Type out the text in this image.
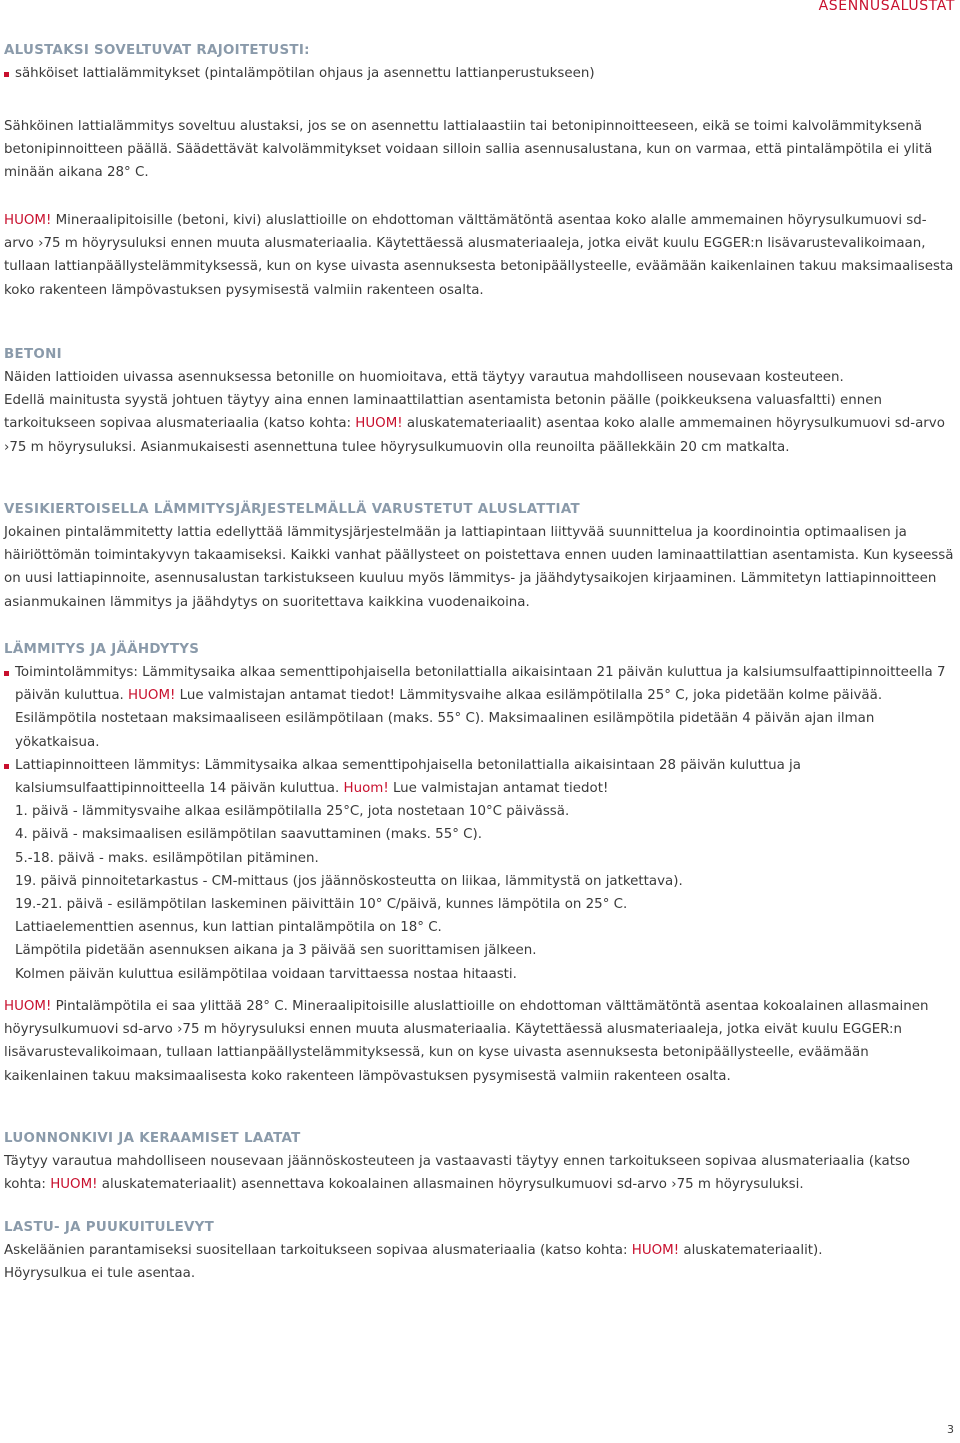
ASENNUSALUSTAT
ALUSTAKSI SOVELTUVAT RAJOITETUSTI:
sähköiset lattialämmitykset (pintalämpötilan ohjaus ja asennettu lattianperustukseen)

Sähköinen lattialämmitys soveltuu alustaksi, jos se on asennettu lattialaastiin tai betonipinnoitteeseen, eikä se toimi kalvolämmityksenä betonipinnoitteen päällä. Säädettävät kalvolämmitykset voidaan silloin sallia asennusalustana, kun on varmaa, että pintalämpötila ei ylitä minään aikana 28° C.

HUOM! Mineraalipitoisille (betoni, kivi) aluslattioille on ehdottoman välttämätöntä asentaa koko alalle ammemainen höyrysulkumuovi sd-arvo ›75 m höyrysuluksi ennen muuta alusmateriaalia. Käytettäessä alusmateriaaleja, jotka eivät kuulu EGGER:n lisävarustevalikoimaan, tullaan lattianpäällystelämmityksessä, kun on kyse uivasta asennuksesta betonipäällysteelle, eväämään kaikenlainen takuu maksimaalisesta koko rakenteen lämpövastuksen pysymisestä valmiin rakenteen osalta.

BETONI

Näiden lattioiden uivassa asennuksessa betonille on huomioitava, että täytyy varautua mahdolliseen nousevaan kosteuteen.

Edellä mainitusta syystä johtuen täytyy aina ennen laminaattilattian asentamista betonin päälle (poikkeuksena valuasfaltti) ennen tarkoitukseen sopivaa alusmateriaalia (katso kohta: HUOM! aluskatemateriaalit) asentaa koko alalle ammemainen höyrysulkumuovi sd-arvo ›75 m höyrysuluksi. Asianmukaisesti asennettuna tulee höyrysulkumuovin olla reunoilta päällekkäin 20 cm matkalta.

VESIKIERTOISELLA LÄMMITYSJÄRJESTELMÄLLÄ VARUSTETUT ALUSLATTIAT

Jokainen pintalämmitetty lattia edellyttää lämmitysjärjestelmään ja lattiapintaan liittyvää suunnittelua ja koordinointia optimaalisen ja häiriöttömän toimintakyvyn takaamiseksi. Kaikki vanhat päällysteet on poistettava ennen uuden laminaattilattian asentamista. Kun kyseessä on uusi lattiapinnoite, asennusalustan tarkistukseen kuuluu myös lämmitys- ja jäähdytysaikojen kirjaaminen. Lämmitetyn lattiapinnoitteen asianmukainen lämmitys ja jäähdytys on suoritettava kaikkina vuodenaikoina.

LÄMMITYS JA JÄÄHDYTYS
Toimintolämmitys: Lämmitysaika alkaa sementtipohjaisella betonilattialla aikaisintaan 21 päivän kuluttua ja kalsiumsulfaattipinnoitteella 7 päivän kuluttua. HUOM! Lue valmistajan antamat tiedot! Lämmitysvaihe alkaa esilämpötilalla 25° C, joka pidetään kolme päivää. Esilämpötila nostetaan maksimaaliseen esilämpötilaan (maks. 55° C). Maksimaalinen esilämpötila pidetään 4 päivän ajan ilman yökatkaisua.
Lattiapinnoitteen lämmitys: Lämmitysaika alkaa sementtipohjaisella betonilattialla aikaisintaan 28 päivän kuluttua ja kalsiumsulfaattipinnoitteella 14 päivän kuluttua. Huom! Lue valmistajan antamat tiedot!
1. päivä - lämmitysvaihe alkaa esilämpötilalla 25°C, jota nostetaan 10°C päivässä.
4. päivä - maksimaalisen esilämpötilan saavuttaminen (maks. 55° C).
5.-18. päivä - maks. esilämpötilan pitäminen.
19. päivä pinnoitetarkastus - CM-mittaus (jos jäännöskosteutta on liikaa, lämmitystä on jatkettava).
19.-21. päivä - esilämpötilan laskeminen päivittäin 10° C/päivä, kunnes lämpötila on 25° C.
Lattiaelementtien asennus, kun lattian pintalämpötila on 18° C.
Lämpötila pidetään asennuksen aikana ja 3 päivää sen suorittamisen jälkeen.
Kolmen päivän kuluttua esilämpötilaa voidaan tarvittaessa nostaa hitaasti.

HUOM! Pintalämpötila ei saa ylittää 28° C. Mineraalipitoisille aluslattioille on ehdottoman välttämätöntä asentaa kokoalainen allasmainen höyrysulkumuovi sd-arvo ›75 m höyrysuluksi ennen muuta alusmateriaalia. Käytettäessä alusmateriaaleja, jotka eivät kuulu EGGER:n lisävarustevalikoimaan, tullaan lattianpäällystelämmityksessä, kun on kyse uivasta asennuksesta betonipäällysteelle, eväämään kaikenlainen takuu maksimaalisesta koko rakenteen lämpövastuksen pysymisestä valmiin rakenteen osalta.

LUONNONKIVI JA KERAAMISET LAATAT

Täytyy varautua mahdolliseen nousevaan jäännöskosteuteen ja vastaavasti täytyy ennen tarkoitukseen sopivaa alusmateriaalia (katso kohta: HUOM! aluskatemateriaalit) asennettava kokoalainen allasmainen höyrysulkumuovi sd-arvo ›75 m höyrysuluksi.

LASTU- JA PUUKUITULEVYT

Askeläänien parantamiseksi suositellaan tarkoitukseen sopivaa alusmateriaalia (katso kohta: HUOM! aluskatemateriaalit).

Höyrysulkua ei tule asentaa.

3
